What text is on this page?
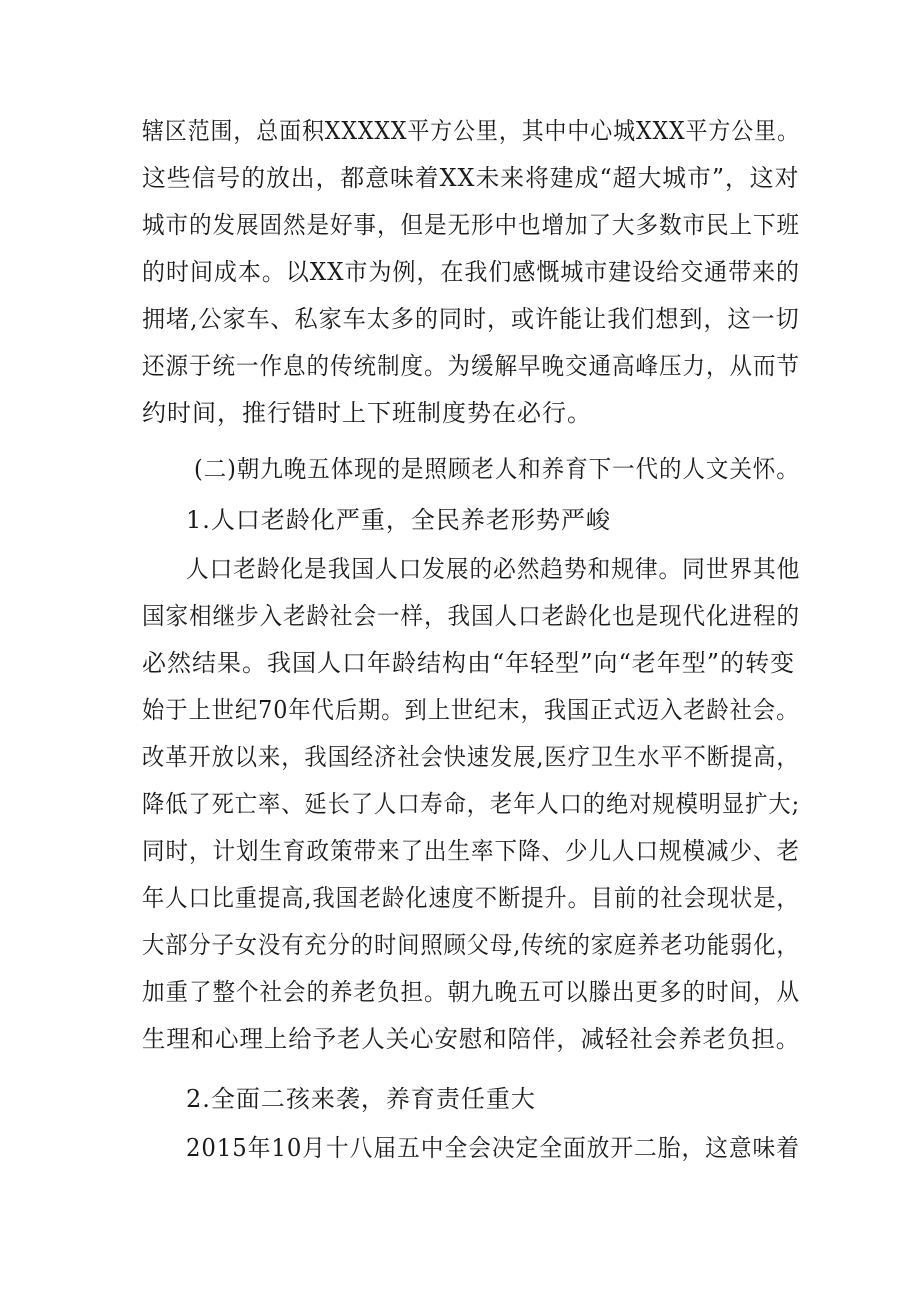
辖区范围，总面积XXXXX平方公里，其中中心城XXX平方公里。
这些信号的放出，都意味着XX未来将建成“超大城市”，这对
城市的发展固然是好事，但是无形中也增加了大多数市民上下班
的时间成本。以XX市为例，在我们感慨城市建设给交通带来的
拥堵,公家车、私家车太多的同时，或许能让我们想到，这一切
还源于统一作息的传统制度。为缓解早晚交通高峰压力，从而节
约时间，推行错时上下班制度势在必行。
(二)朝九晚五体现的是照顾老人和养育下一代的人文关怀。
1.人口老龄化严重，全民养老形势严峻
人口老龄化是我国人口发展的必然趋势和规律。同世界其他
国家相继步入老龄社会一样，我国人口老龄化也是现代化进程的
必然结果。我国人口年龄结构由“年轻型”向“老年型”的转变
始于上世纪70年代后期。到上世纪末，我国正式迈入老龄社会。
改革开放以来，我国经济社会快速发展,医疗卫生水平不断提高，
降低了死亡率、延长了人口寿命，老年人口的绝对规模明显扩大;
同时，计划生育政策带来了出生率下降、少儿人口规模减少、老
年人口比重提高,我国老龄化速度不断提升。目前的社会现状是，
大部分子女没有充分的时间照顾父母,传统的家庭养老功能弱化，
加重了整个社会的养老负担。朝九晚五可以滕出更多的时间，从
生理和心理上给予老人关心安慰和陪伴，减轻社会养老负担。
2.全面二孩来袭，养育责任重大
2015年10月十八届五中全会决定全面放开二胎，这意味着
